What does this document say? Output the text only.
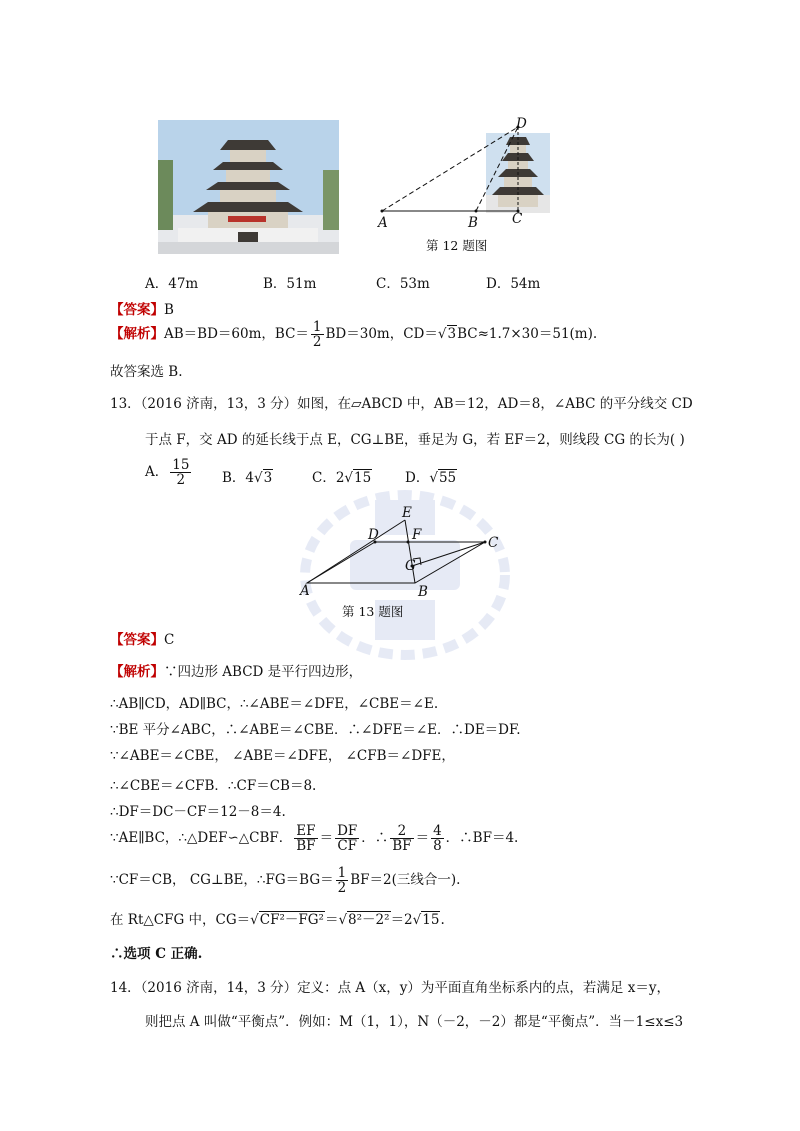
A	B	C
D
第 12 题图
A．47m	B．51m	C．53m	D．54m
【答案】B
【解析】AB＝BD＝60m，$BC= \frac{1}{2} BD=30m$，CD＝√3BC≈1.7×30＝51(m).
故答案选 B.
13．（2016 济南，13，3 分）如图，在▱ABCD 中，AB＝12，AD＝8，∠ABC 的平分线交 CD
于点 F，交 AD 的延长线于点 E，CG⊥BE，垂足为 G，若 EF＝2，则线段 CG 的长为( )
A． $\frac{15}{2}$ B．4√3	C．2√15	D．√55
E
D F	C
G
A	B
第 13 题图
【答案】C
【解析】∵四边形 ABCD 是平行四边形，
∴AB∥CD，AD∥BC，∴∠ABE＝∠DFE，∠CBE＝∠E.
∵BE 平分∠ABC，∴∠ABE＝∠CBE．∴∠DFE＝∠E．∴DE＝DF.
∵∠ABE＝∠CBE， ∠ABE＝∠DFE， ∠CFB＝∠DFE，
∴∠CBE＝∠CFB．∴CF＝CB＝8.
∴DF＝DC－CF＝12－8＝4.
∵AE∥BC，∴△DEF∽△CBF． $\frac{EF}{BF} = \frac{DF}{CF}$ ．∴ $\frac{2}{BF} = \frac{4}{8}$ ．∴BF＝4.
∵CF＝CB， CG⊥BE，∴FG＝BG＝ $\frac{1}{2} BF=2$(三线合一).
在 Rt△CFG 中，CG＝√CF²－FG²＝√8²－2²＝2√15.
∴选项 C 正确.
14．（2016 济南，14，3 分）定义：点 A（x，y）为平面直角坐标系内的点，若满足 x＝y，
则把点 A 叫做“平衡点”．例如：M（1，1），N（－2，－2）都是“平衡点”．当－1≤x≤3
